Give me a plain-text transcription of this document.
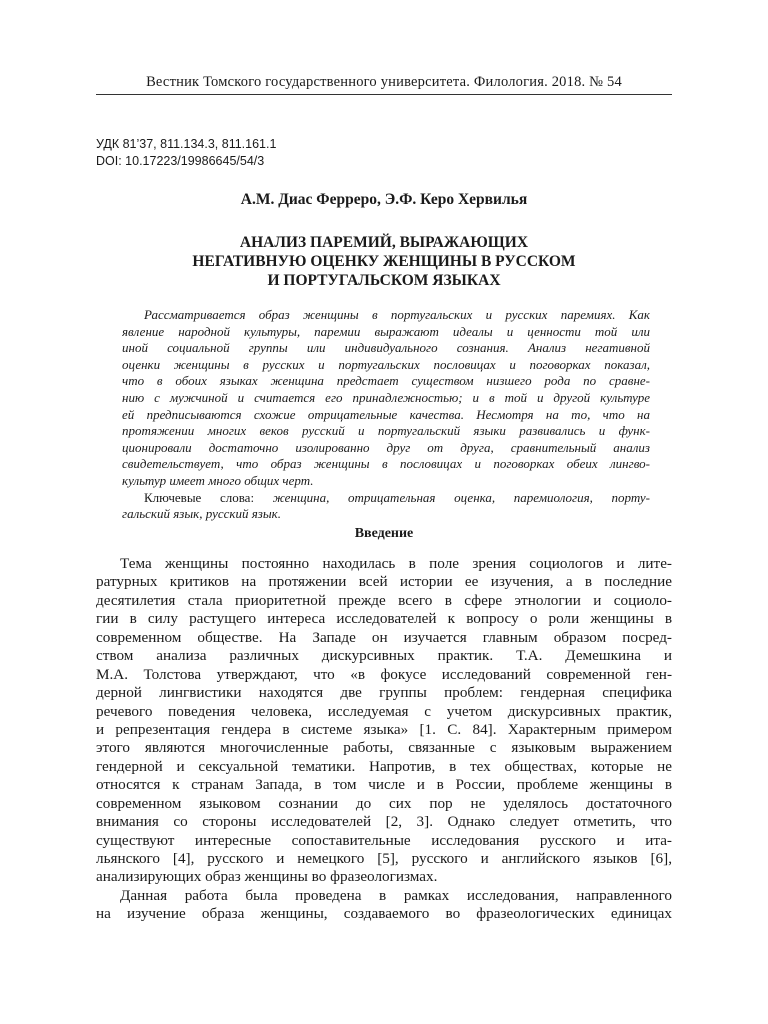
Вестник Томского государственного университета. Филология. 2018. № 54
УДК 81’37, 811.134.3, 811.161.1
DOI: 10.17223/19986645/54/3
А.М. Диас Ферреро, Э.Ф. Керо Хервилья
АНАЛИЗ ПАРЕМИЙ, ВЫРАЖАЮЩИХ
НЕГАТИВНУЮ ОЦЕНКУ ЖЕНЩИНЫ В РУССКОМ
И ПОРТУГАЛЬСКОМ ЯЗЫКАХ
Рассматривается образ женщины в португальских и русских паремиях. Как
явление народной культуры, паремии выражают идеалы и ценности той или
иной социальной группы или индивидуального сознания. Анализ негативной
оценки женщины в русских и португальских пословицах и поговорках показал,
что в обоих языках женщина предстает существом низшего рода по сравне-
нию с мужчиной и считается его принадлежностью; и в той и другой культуре
ей предписываются схожие отрицательные качества. Несмотря на то, что на
протяжении многих веков русский и португальский языки развивались и функ-
ционировали достаточно изолированно друг от друга, сравнительный анализ
свидетельствует, что образ женщины в пословицах и поговорках обеих лингво-
культур имеет много общих черт.
Ключевые слова: женщина, отрицательная оценка, паремиология, порту-
гальский язык, русский язык.
Введение
Тема женщины постоянно находилась в поле зрения социологов и лите-
ратурных критиков на протяжении всей истории ее изучения, а в последние
десятилетия стала приоритетной прежде всего в сфере этнологии и социоло-
гии в силу растущего интереса исследователей к вопросу о роли женщины в
современном обществе. На Западе он изучается главным образом посред-
ством анализа различных дискурсивных практик. Т.А. Демешкина и
М.А. Толстова утверждают, что «в фокусе исследований современной ген-
дерной лингвистики находятся две группы проблем: гендерная специфика
речевого поведения человека, исследуемая с учетом дискурсивных практик,
и репрезентация гендера в системе языка» [1. С. 84]. Характерным примером
этого являются многочисленные работы, связанные с языковым выражением
гендерной и сексуальной тематики. Напротив, в тех обществах, которые не
относятся к странам Запада, в том числе и в России, проблеме женщины в
современном языковом сознании до сих пор не уделялось достаточного
внимания со стороны исследователей [2, 3]. Однако следует отметить, что
существуют интересные сопоставительные исследования русского и ита-
льянского [4], русского и немецкого [5], русского и английского языков [6],
анализирующих образ женщины во фразеологизмах.
Данная работа была проведена в рамках исследования, направленного
на изучение образа женщины, создаваемого во фразеологических единицах
